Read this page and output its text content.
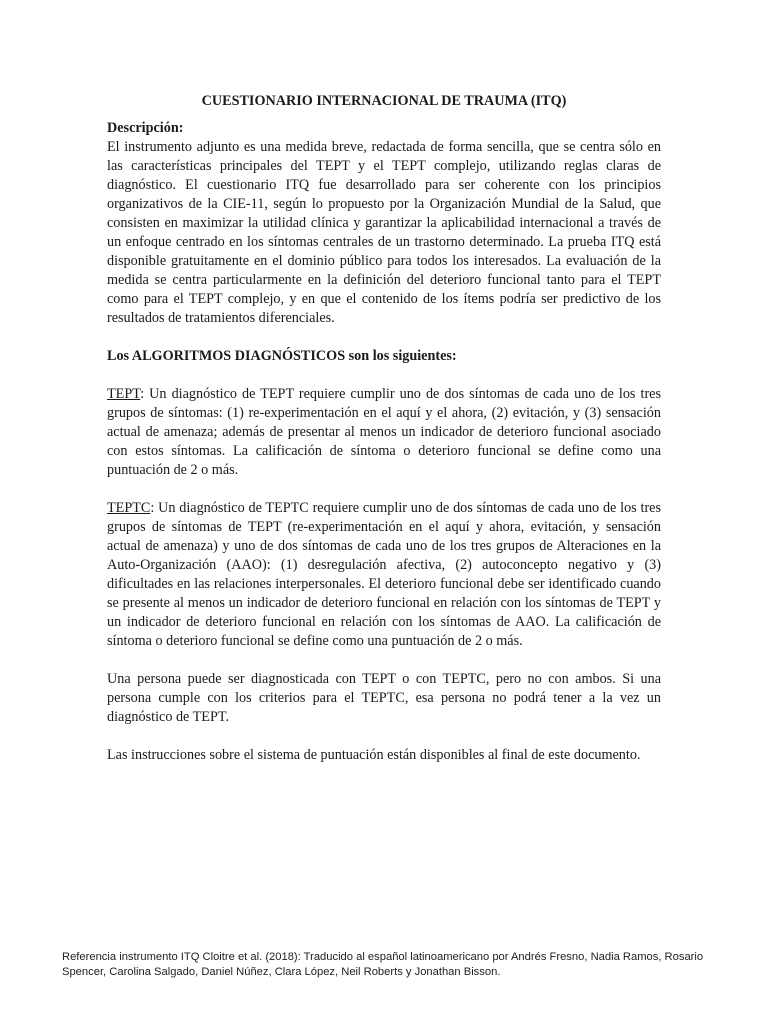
CUESTIONARIO INTERNACIONAL DE TRAUMA (ITQ)
Descripción:

El instrumento adjunto es una medida breve, redactada de forma sencilla, que se centra sólo en las características principales del TEPT y el TEPT complejo, utilizando reglas claras de diagnóstico. El cuestionario ITQ fue desarrollado para ser coherente con los principios organizativos de la CIE-11, según lo propuesto por la Organización Mundial de la Salud, que consisten en maximizar la utilidad clínica y garantizar la aplicabilidad internacional a través de un enfoque centrado en los síntomas centrales de un trastorno determinado. La prueba ITQ está disponible gratuitamente en el dominio público para todos los interesados. La evaluación de la medida se centra particularmente en la definición del deterioro funcional tanto para el TEPT como para el TEPT complejo, y en que el contenido de los ítems podría ser predictivo de los resultados de tratamientos diferenciales.

Los ALGORITMOS DIAGNÓSTICOS son los siguientes:

TEPT: Un diagnóstico de TEPT requiere cumplir uno de dos síntomas de cada uno de los tres grupos de síntomas: (1) re-experimentación en el aquí y el ahora, (2) evitación, y (3) sensación actual de amenaza; además de presentar al menos un indicador de deterioro funcional asociado con estos síntomas. La calificación de síntoma o deterioro funcional se define como una puntuación de 2 o más.

TEPTC: Un diagnóstico de TEPTC requiere cumplir uno de dos síntomas de cada uno de los tres grupos de síntomas de TEPT (re-experimentación en el aquí y ahora, evitación, y sensación actual de amenaza) y uno de dos síntomas de cada uno de los tres grupos de Alteraciones en la Auto-Organización (AAO): (1) desregulación afectiva, (2) autoconcepto negativo y (3) dificultades en las relaciones interpersonales. El deterioro funcional debe ser identificado cuando se presente al menos un indicador de deterioro funcional en relación con los síntomas de TEPT y un indicador de deterioro funcional en relación con los síntomas de AAO. La calificación de síntoma o deterioro funcional se define como una puntuación de 2 o más.

Una persona puede ser diagnosticada con TEPT o con TEPTC, pero no con ambos. Si una persona cumple con los criterios para el TEPTC, esa persona no podrá tener a la vez un diagnóstico de TEPT.

Las instrucciones sobre el sistema de puntuación están disponibles al final de este documento.

Referencia instrumento ITQ Cloitre et al. (2018): Traducido al español latinoamericano por Andrés Fresno, Nadia Ramos, Rosario Spencer, Carolina Salgado, Daniel Núñez, Clara López, Neil Roberts y Jonathan Bisson.
